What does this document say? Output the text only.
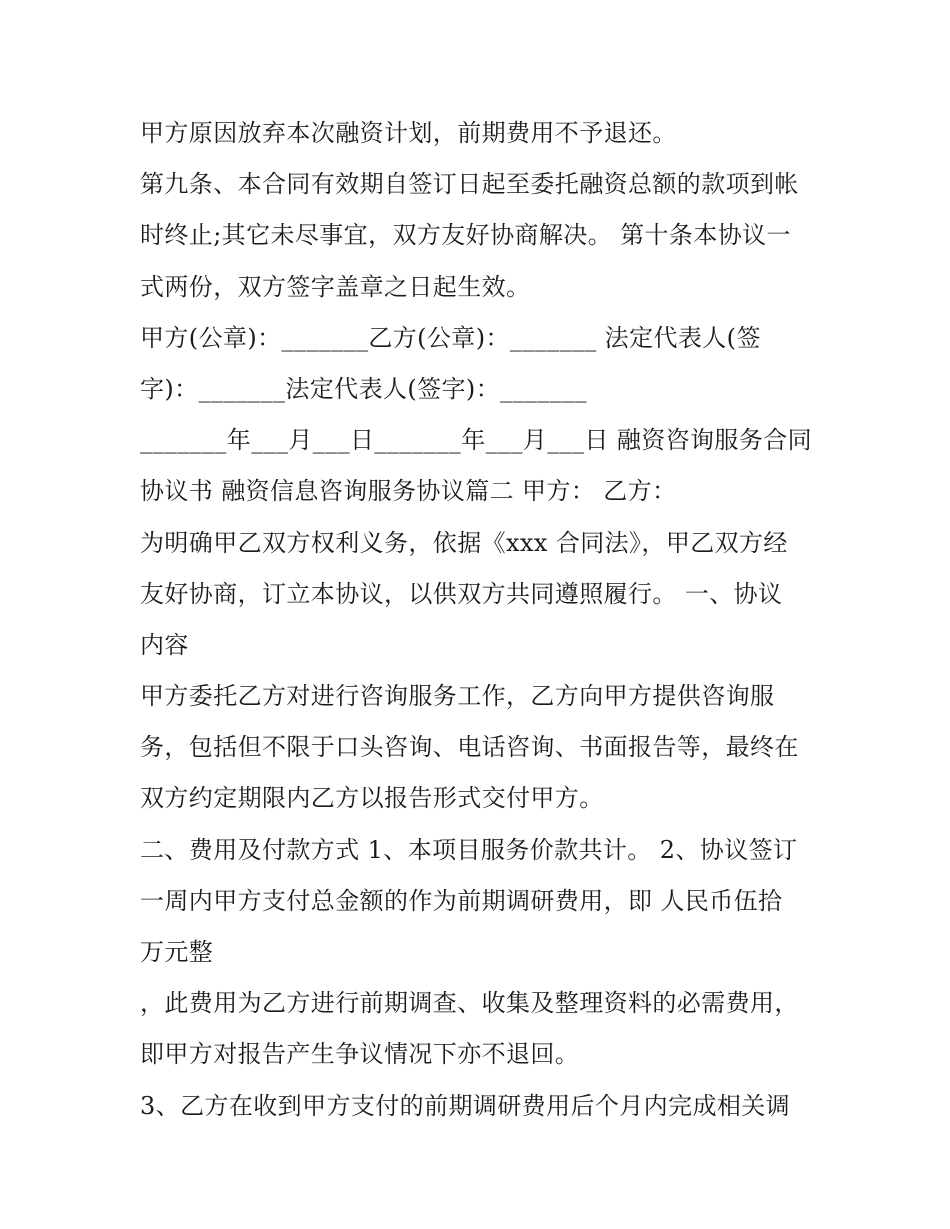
甲方原因放弃本次融资计划，前期费用不予退还。
第九条、本合同有效期自签订日起至委托融资总额的款项到帐
时终止;其它未尽事宜，双方友好协商解决。 第十条本协议一
式两份，双方签字盖章之日起生效。
甲方(公章)：_______乙方(公章)：_______ 法定代表人(签
字)：_______法定代表人(签字)：_______
_______年___月___日_______年___月___日 融资咨询服务合同
协议书 融资信息咨询服务协议篇二 甲方： 乙方：
为明确甲乙双方权利义务，依据《xxx 合同法》，甲乙双方经
友好协商，订立本协议，以供双方共同遵照履行。 一、协议
内容
甲方委托乙方对进行咨询服务工作，乙方向甲方提供咨询服
务，包括但不限于口头咨询、电话咨询、书面报告等，最终在
双方约定期限内乙方以报告形式交付甲方。
二、费用及付款方式 1、本项目服务价款共计。 2、协议签订
一周内甲方支付总金额的作为前期调研费用，即 人民币伍拾
万元整
，此费用为乙方进行前期调查、收集及整理资料的必需费用，
即甲方对报告产生争议情况下亦不退回。
3、乙方在收到甲方支付的前期调研费用后个月内完成相关调
